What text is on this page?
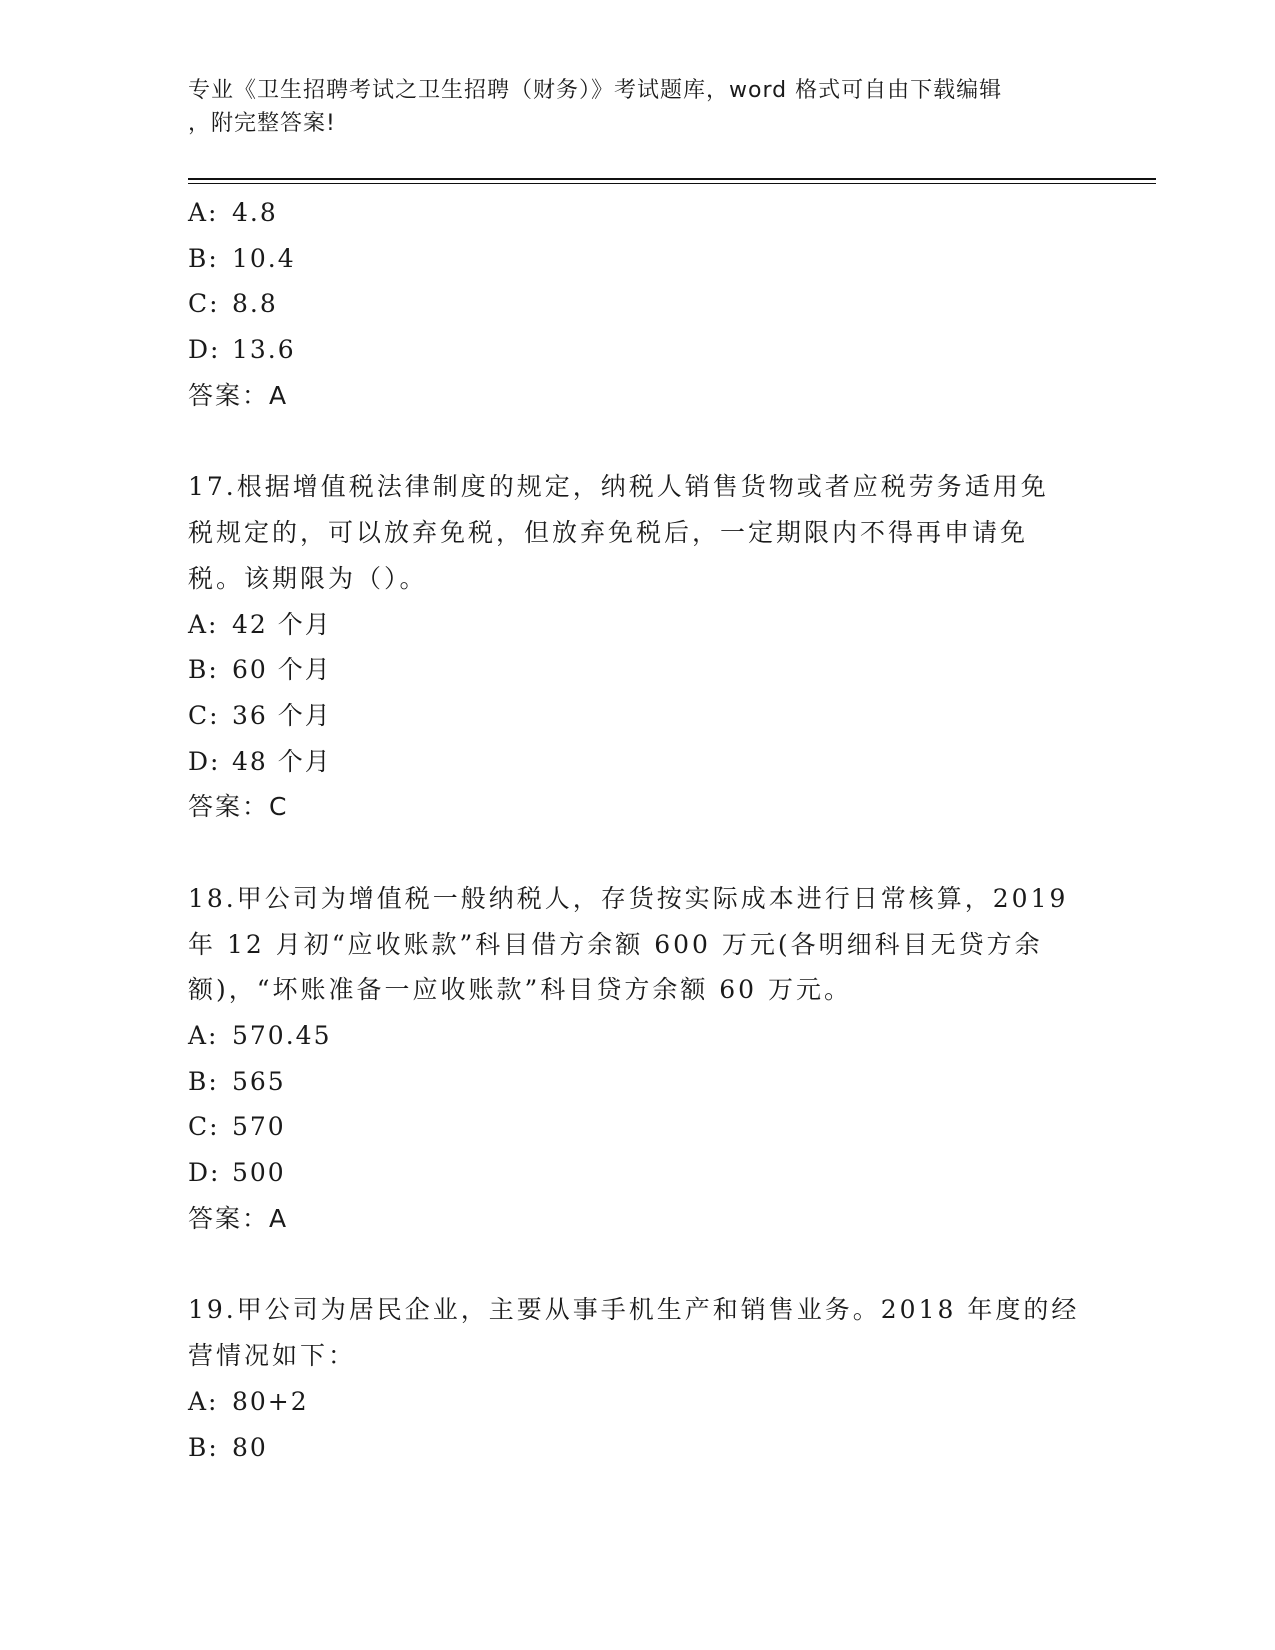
专业《卫生招聘考试之卫生招聘（财务）》考试题库，word 格式可自由下载编辑
，附完整答案!
A: 4.8
B: 10.4
C: 8.8
D: 13.6
答案：A
17.根据增值税法律制度的规定，纳税人销售货物或者应税劳务适用免
税规定的，可以放弃免税，但放弃免税后，一定期限内不得再申请免
税。该期限为（）。
A: 42 个月
B: 60 个月
C: 36 个月
D: 48 个月
答案：C
18.甲公司为增值税一般纳税人，存货按实际成本进行日常核算，2019
年 12 月初“应收账款”科目借方余额 600 万元(各明细科目无贷方余
额)，“坏账准备一应收账款”科目贷方余额 60 万元。
A: 570.45
B: 565
C: 570
D: 500
答案：A
19.甲公司为居民企业，主要从事手机生产和销售业务。2018 年度的经
营情况如下：
A: 80+2
B: 80
